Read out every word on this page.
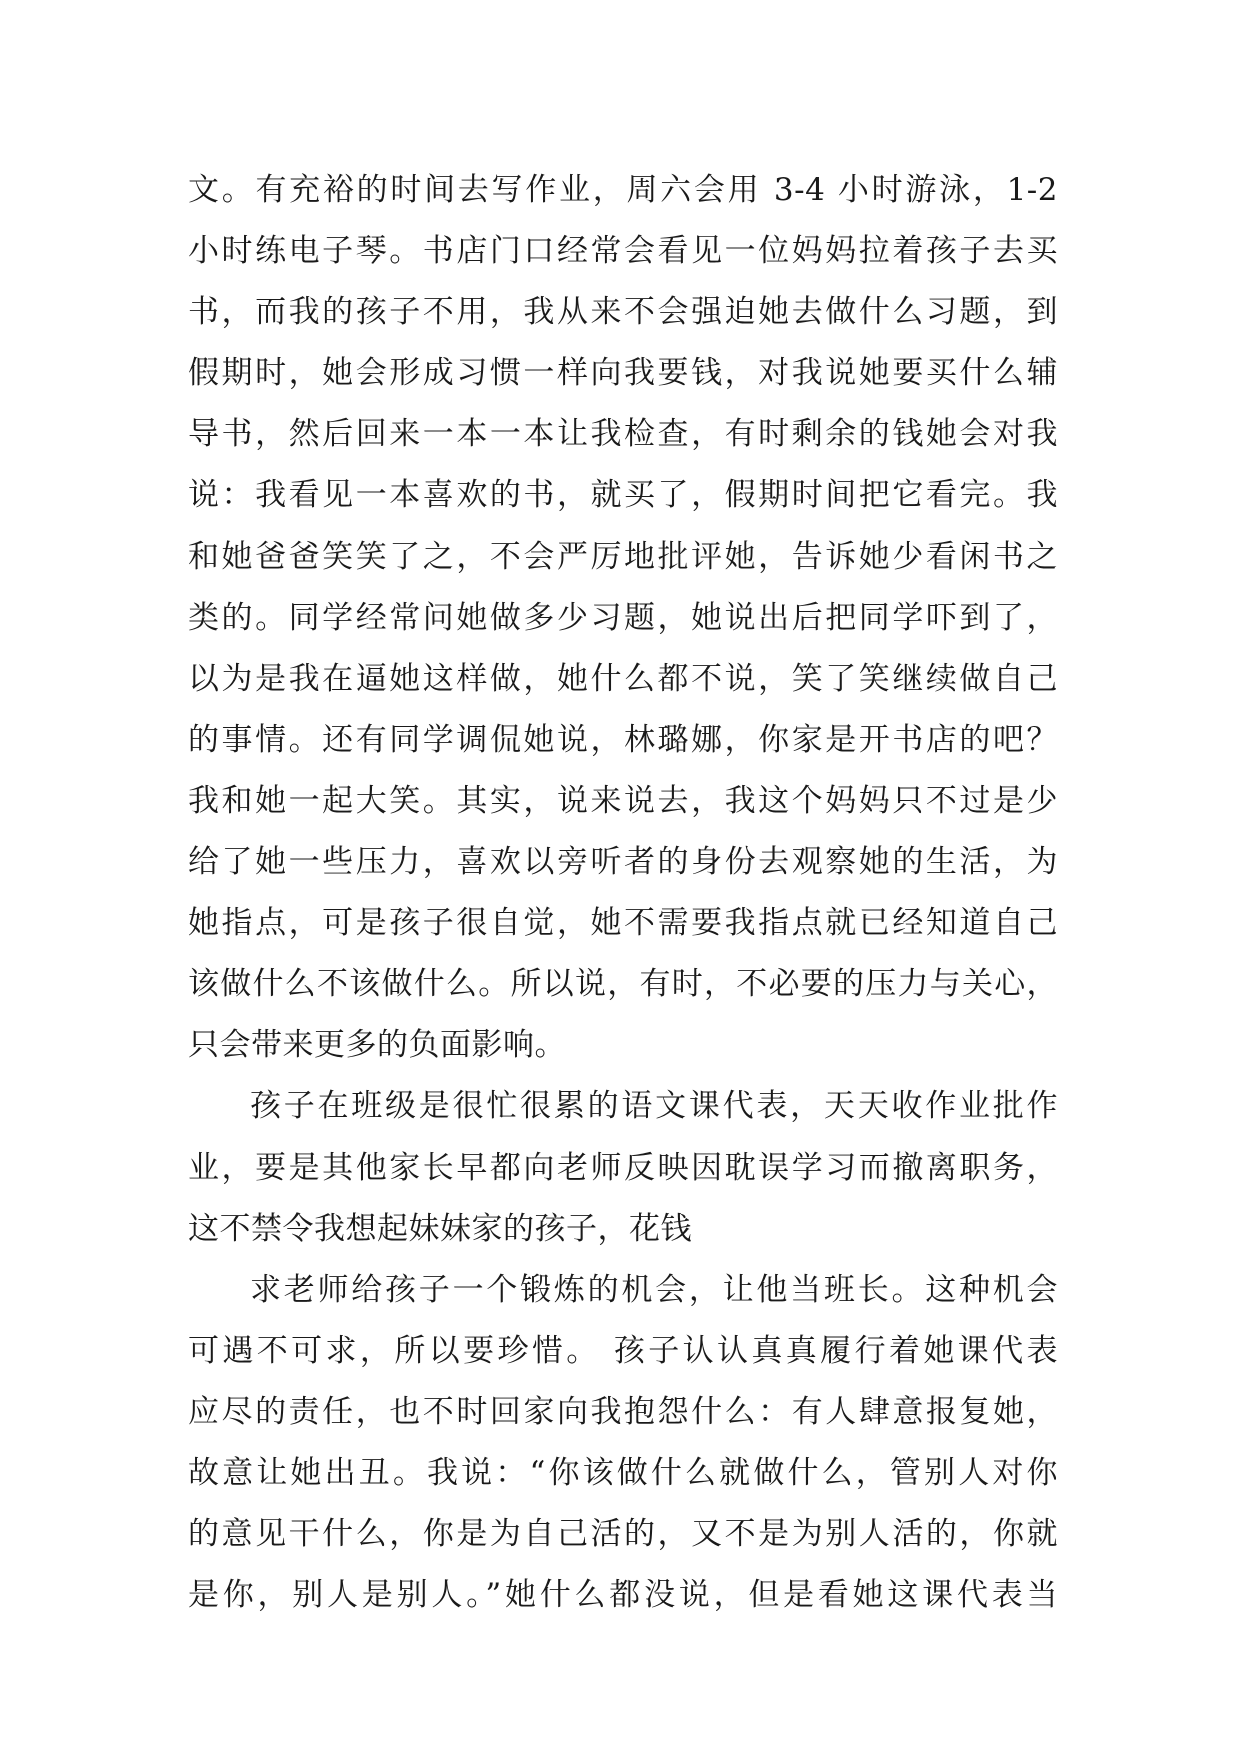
文。有充裕的时间去写作业，周六会用 3-4 小时游泳，1-2
小时练电子琴。书店门口经常会看见一位妈妈拉着孩子去买
书，而我的孩子不用，我从来不会强迫她去做什么习题，到
假期时，她会形成习惯一样向我要钱，对我说她要买什么辅
导书，然后回来一本一本让我检查，有时剩余的钱她会对我
说：我看见一本喜欢的书，就买了，假期时间把它看完。我
和她爸爸笑笑了之，不会严厉地批评她，告诉她少看闲书之
类的。同学经常问她做多少习题，她说出后把同学吓到了，
以为是我在逼她这样做，她什么都不说，笑了笑继续做自己
的事情。还有同学调侃她说，林璐娜，你家是开书店的吧？
我和她一起大笑。其实，说来说去，我这个妈妈只不过是少
给了她一些压力，喜欢以旁听者的身份去观察她的生活，为
她指点，可是孩子很自觉，她不需要我指点就已经知道自己
该做什么不该做什么。所以说，有时，不必要的压力与关心，
只会带来更多的负面影响。
孩子在班级是很忙很累的语文课代表，天天收作业批作
业，要是其他家长早都向老师反映因耽误学习而撤离职务，
这不禁令我想起妹妹家的孩子，花钱
求老师给孩子一个锻炼的机会，让他当班长。这种机会
可遇不可求，所以要珍惜。 孩子认认真真履行着她课代表
应尽的责任，也不时回家向我抱怨什么：有人肆意报复她，
故意让她出丑。我说：“你该做什么就做什么，管别人对你
的意见干什么，你是为自己活的，又不是为别人活的，你就
是你，别人是别人。”她什么都没说，但是看她这课代表当
